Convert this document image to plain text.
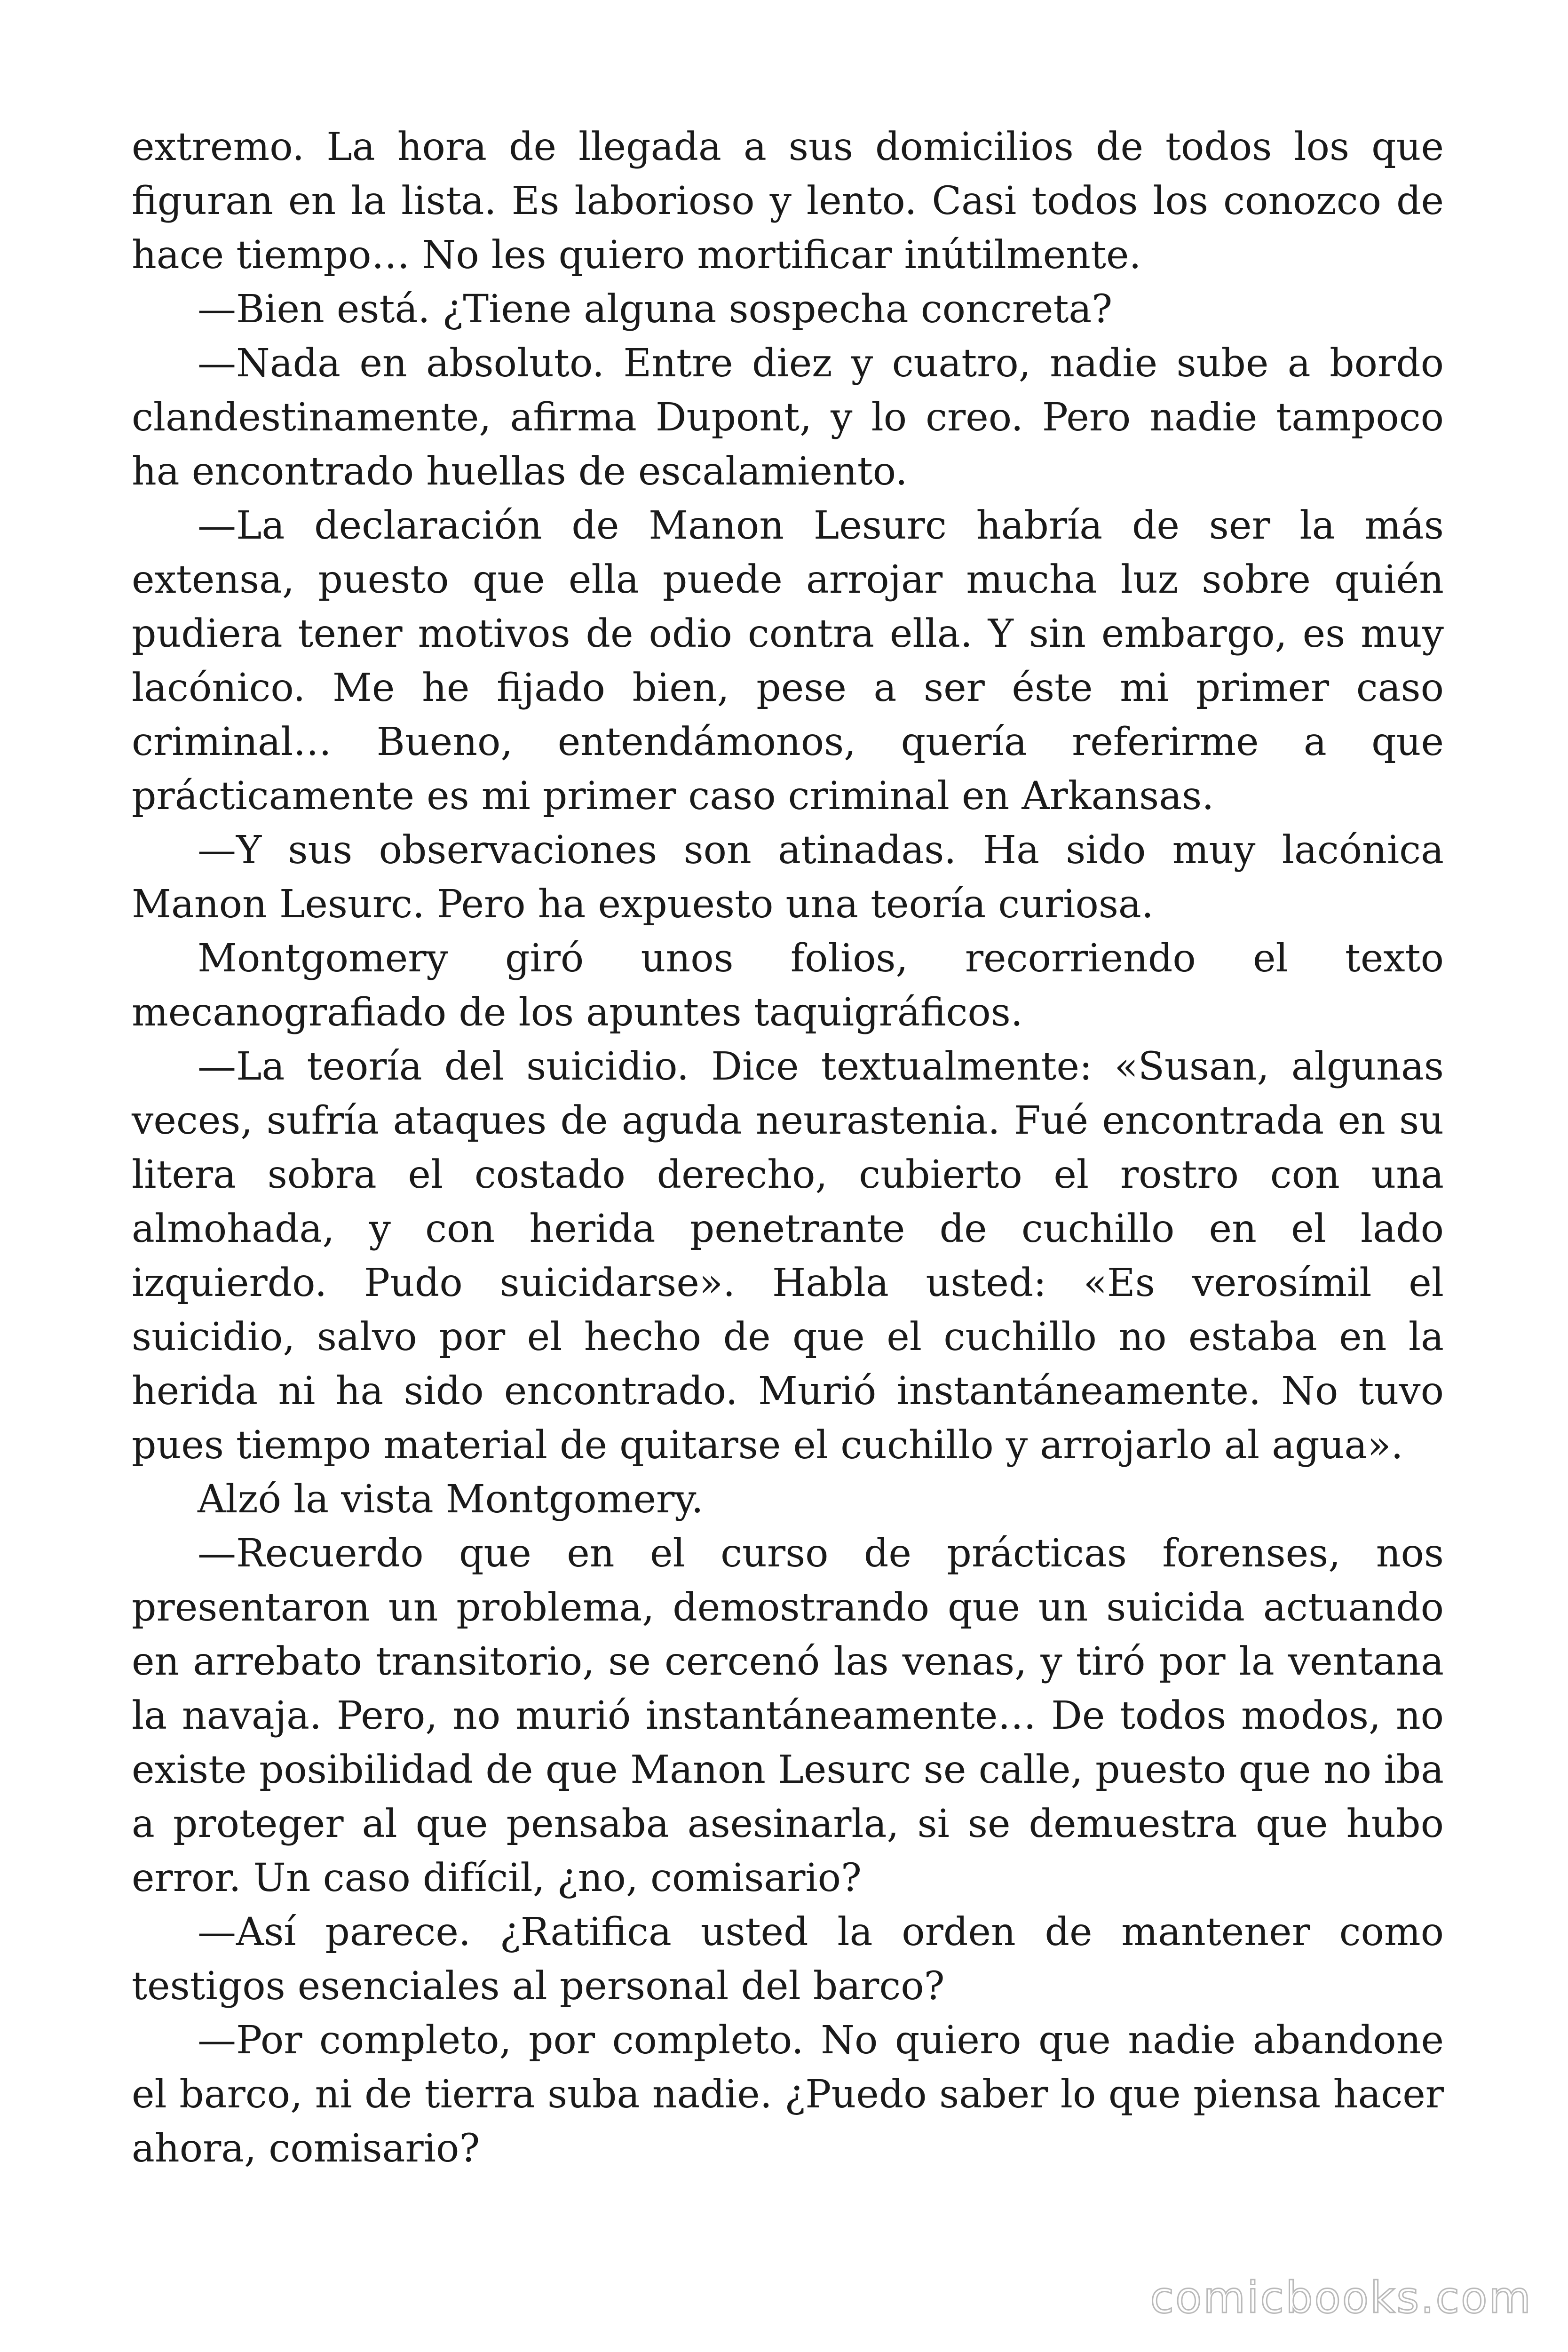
extremo. La hora de llegada a sus domicilios de todos los que figuran en la lista. Es laborioso y lento. Casi todos los conozco de hace tiempo… No les quiero mortificar inútilmente.

—Bien está. ¿Tiene alguna sospecha concreta?

—Nada en absoluto. Entre diez y cuatro, nadie sube a bordo clandestinamente, afirma Dupont, y lo creo. Pero nadie tampoco ha encontrado huellas de escalamiento.

—La declaración de Manon Lesurc habría de ser la más extensa, puesto que ella puede arrojar mucha luz sobre quién pudiera tener motivos de odio contra ella. Y sin embargo, es muy lacónico. Me he fijado bien, pese a ser éste mi primer caso criminal… Bueno, entendámonos, quería referirme a que prácticamente es mi primer caso criminal en Arkansas.

—Y sus observaciones son atinadas. Ha sido muy lacónica Manon Lesurc. Pero ha expuesto una teoría curiosa.

Montgomery giró unos folios, recorriendo el texto mecanografiado de los apuntes taquigráficos.

—La teoría del suicidio. Dice textualmente: «Susan, algunas veces, sufría ataques de aguda neurastenia. Fué encontrada en su litera sobra el costado derecho, cubierto el rostro con una almohada, y con herida penetrante de cuchillo en el lado izquierdo. Pudo suicidarse». Habla usted: «Es verosímil el suicidio, salvo por el hecho de que el cuchillo no estaba en la herida ni ha sido encontrado. Murió instantáneamente. No tuvo pues tiempo material de quitarse el cuchillo y arrojarlo al agua».

Alzó la vista Montgomery.

—Recuerdo que en el curso de prácticas forenses, nos presentaron un problema, demostrando que un suicida actuando en arrebato transitorio, se cercenó las venas, y tiró por la ventana la navaja. Pero, no murió instantáneamente… De todos modos, no existe posibilidad de que Manon Lesurc se calle, puesto que no iba a proteger al que pensaba asesinarla, si se demuestra que hubo error. Un caso difícil, ¿no, comisario?

—Así parece. ¿Ratifica usted la orden de mantener como testigos esenciales al personal del barco?

—Por completo, por completo. No quiero que nadie abandone el barco, ni de tierra suba nadie. ¿Puedo saber lo que piensa hacer ahora, comisario?

comicbooks.com
